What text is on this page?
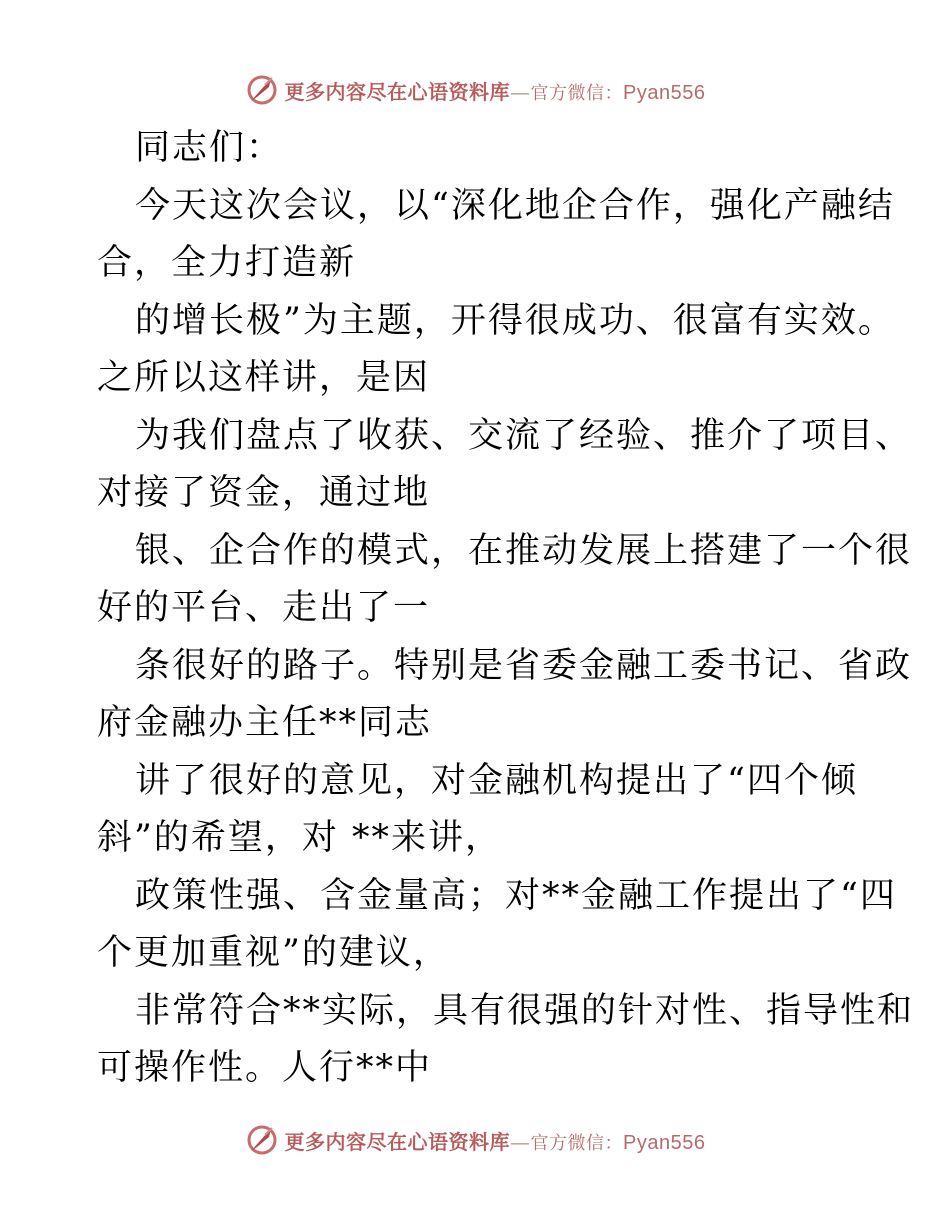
更多内容尽在心语资料库—官方微信：Pyan556
同志们：
今天这次会议，以“深化地企合作，强化产融结
合，全力打造新
的增长极”为主题，开得很成功、很富有实效。
之所以这样讲，是因
为我们盘点了收获、交流了经验、推介了项目、
对接了资金，通过地
银、企合作的模式，在推动发展上搭建了一个很
好的平台、走出了一
条很好的路子。特别是省委金融工委书记、省政
府金融办主任**同志
讲了很好的意见，对金融机构提出了“四个倾
斜”的希望，对 **来讲，
政策性强、含金量高；对**金融工作提出了“四
个更加重视”的建议，
非常符合**实际，具有很强的针对性、指导性和
可操作性。人行**中
更多内容尽在心语资料库—官方微信：Pyan556
